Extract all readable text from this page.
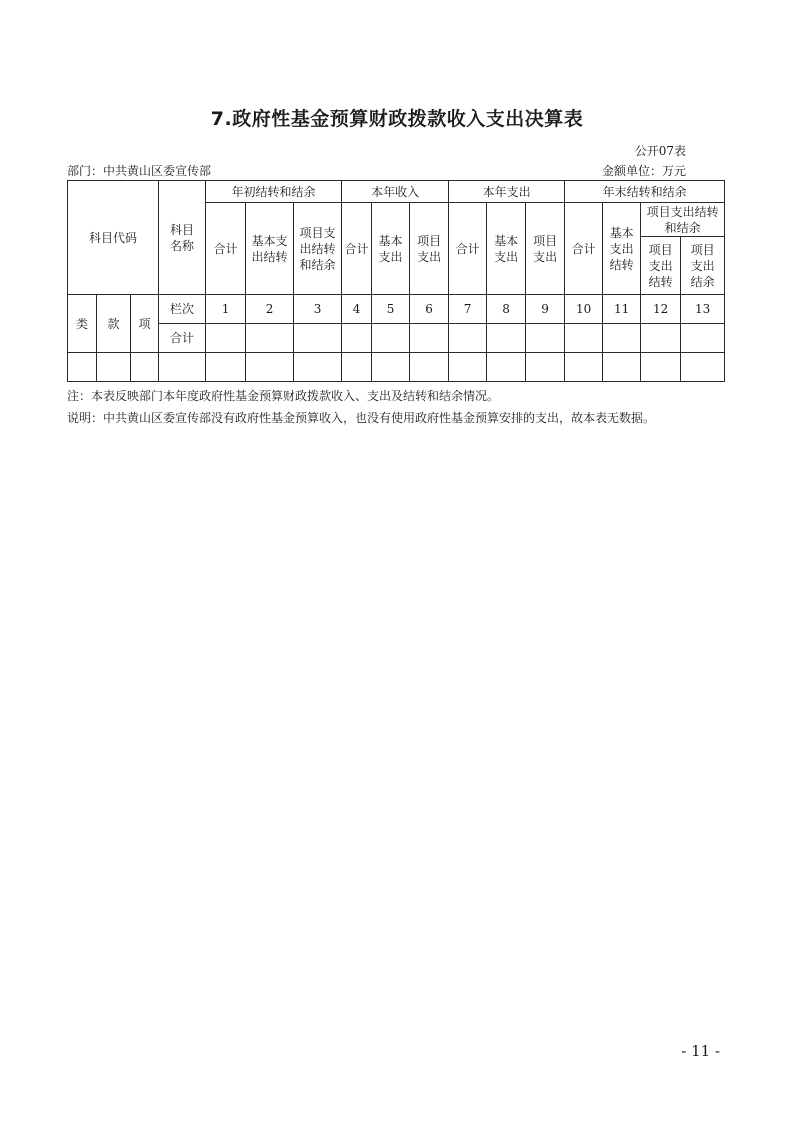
7.政府性基金预算财政拨款收入支出决算表
公开07表
部门：中共黄山区委宣传部	金额单位：万元
科目代码			科目名称	年初结转和结余			本年收入			本年支出			年末结转和结余			
				合计	基本支出结转	项目支出结转和结余	合计	基本支出	项目支出	合计	基本支出	项目支出	合计	基本支出结转	项目支出结转和结余	
															项目支出结转	项目支出结余
类	款	项	栏次	1	2	3	4	5	6	7	8	9	10	11	12	13
			合计													

注：本表反映部门本年度政府性基金预算财政拨款收入、支出及结转和结余情况。
说明：中共黄山区委宣传部没有政府性基金预算收入，也没有使用政府性基金预算安排的支出，故本表无数据。
- 11 -
